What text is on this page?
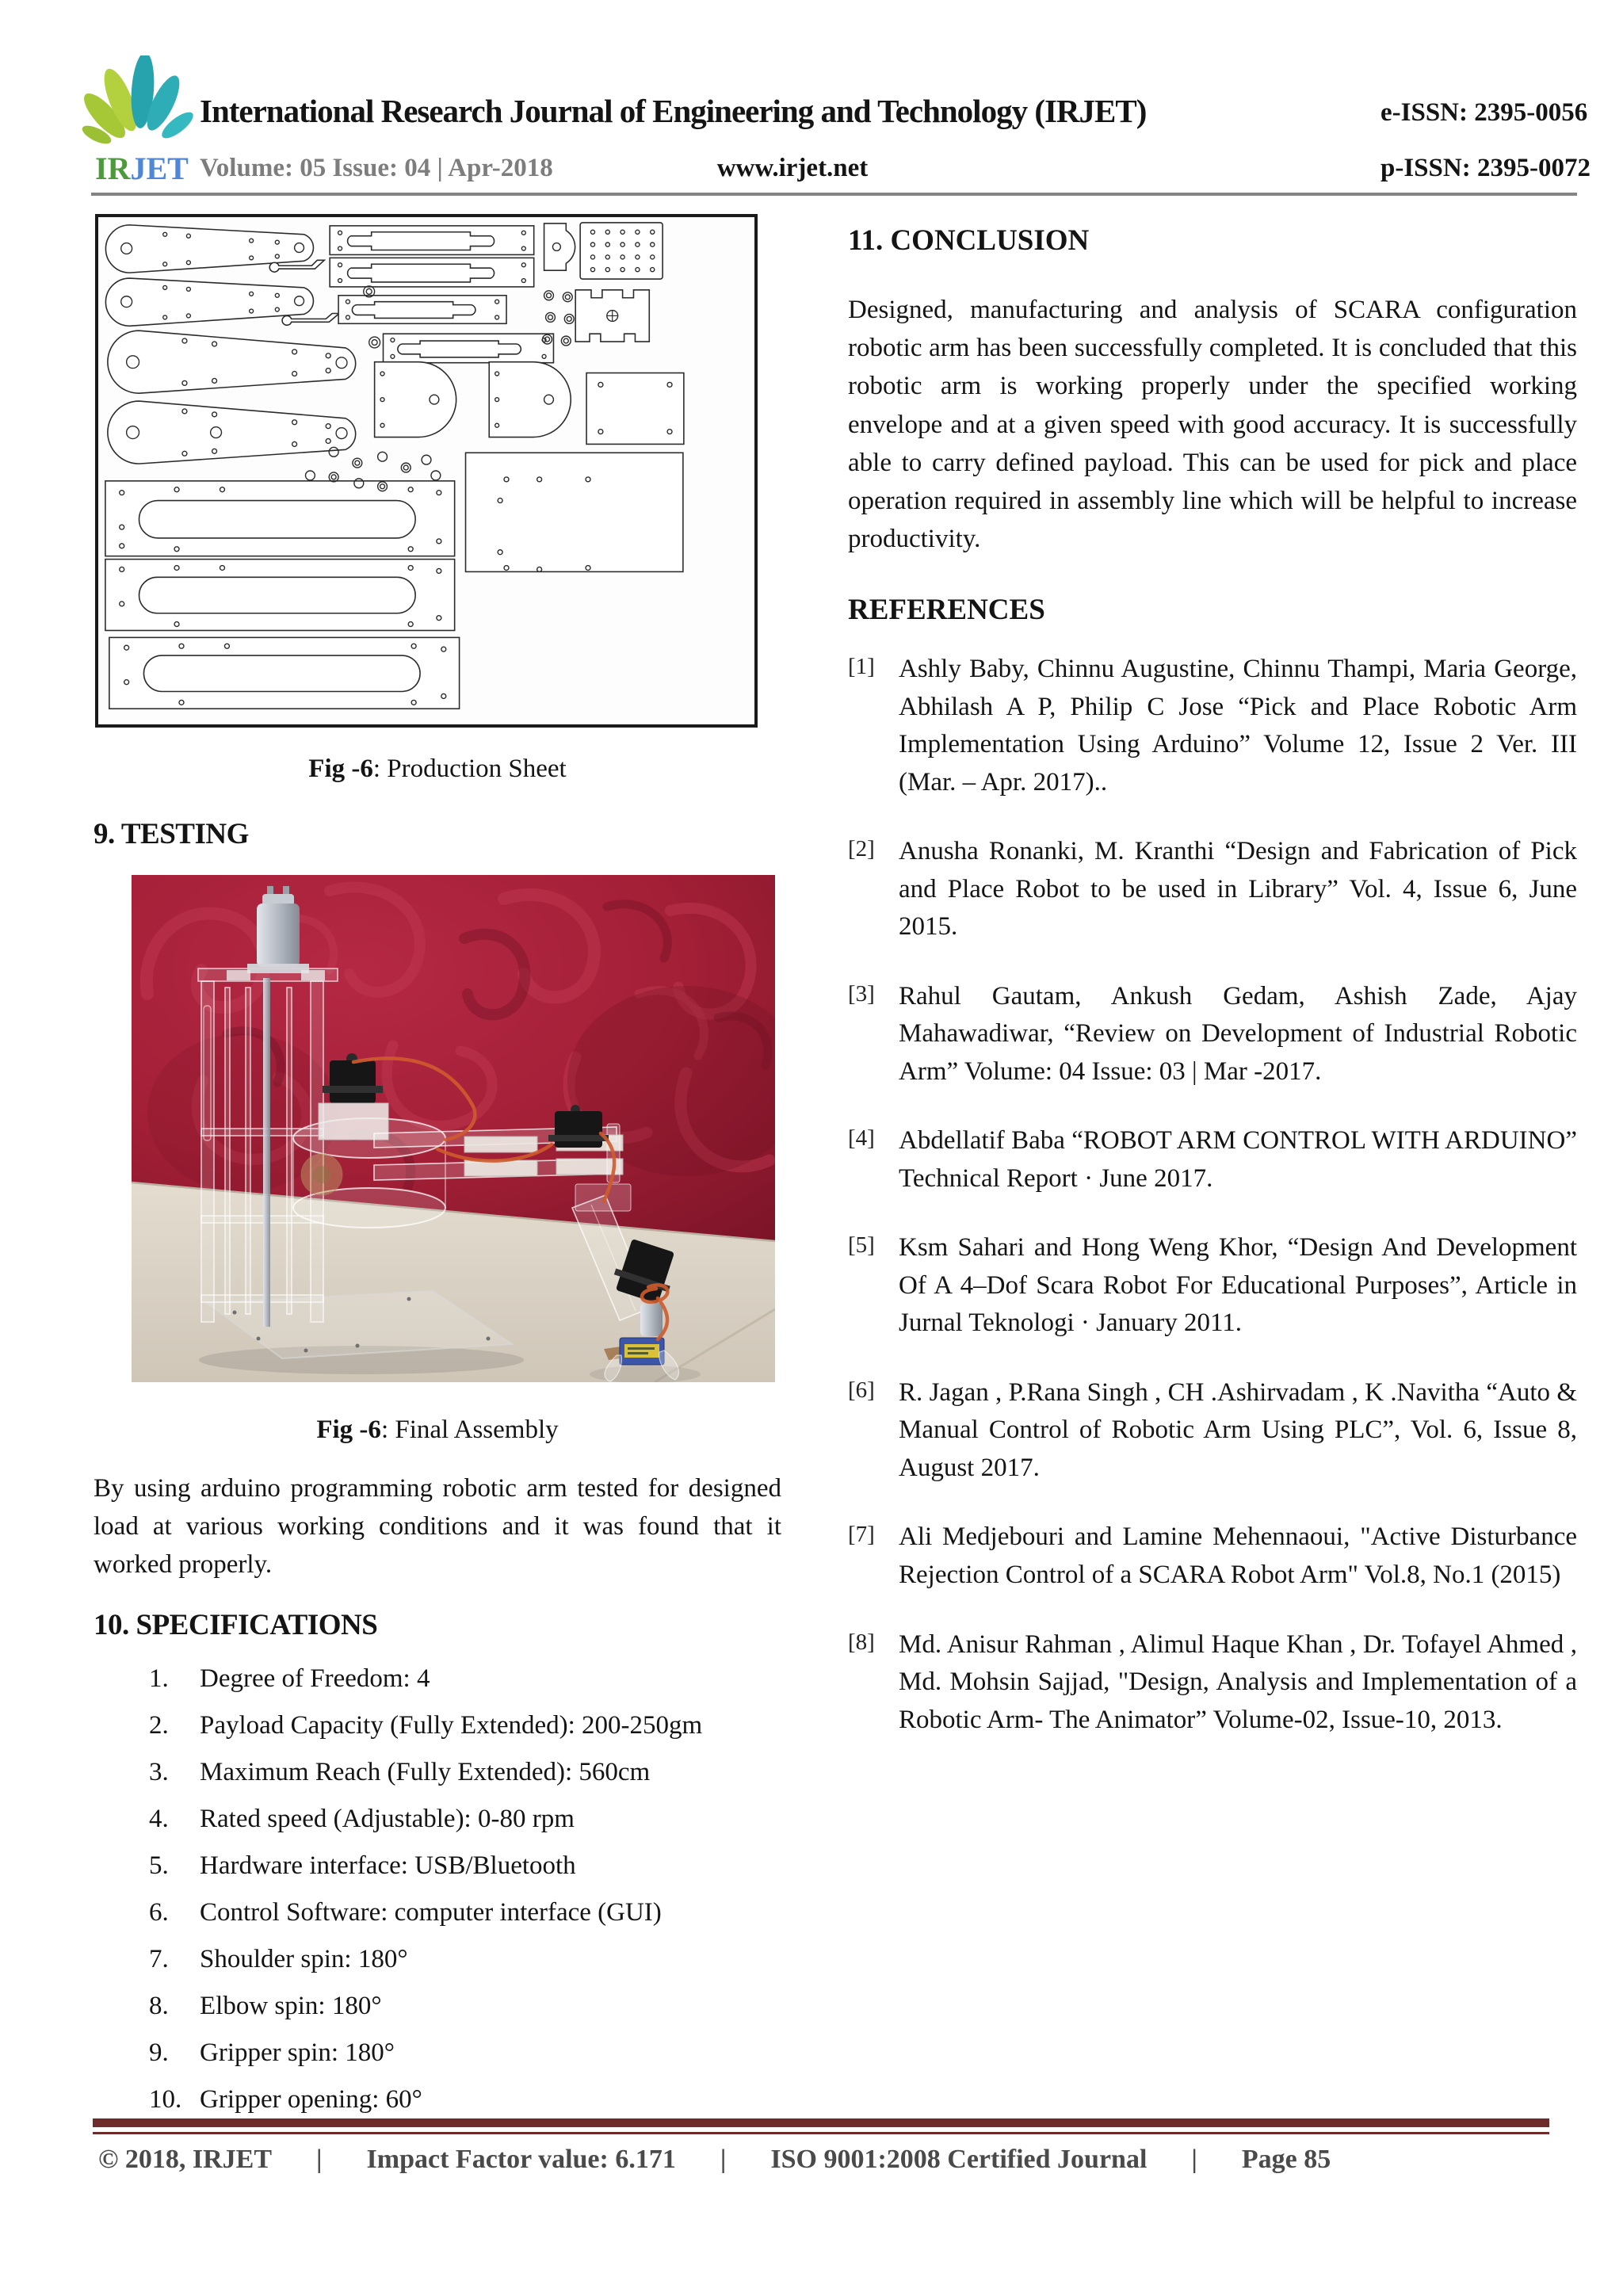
IRJET
International Research Journal of Engineering and Technology (IRJET)	e-ISSN: 2395-0056
Volume: 05 Issue: 04 | Apr-2018	www.irjet.net	p-ISSN: 2395-0072
Fig -6: Production Sheet
9. TESTING
Fig -6: Final Assembly
By using arduino programming robotic arm tested for designed load at various working conditions and it was found that it worked properly.
10. SPECIFICATIONS
1.	Degree of Freedom: 4
2.	Payload Capacity (Fully Extended): 200-250gm
3.	Maximum Reach (Fully Extended): 560cm
4.	Rated speed (Adjustable): 0-80 rpm
5.	Hardware interface: USB/Bluetooth
6.	Control Software: computer interface (GUI)
7.	Shoulder spin: 180°
8.	Elbow spin: 180°
9.	Gripper spin: 180°
10. Gripper opening: 60°
11. CONCLUSION
Designed, manufacturing and analysis of SCARA configuration robotic arm has been successfully completed. It is concluded that this robotic arm is working properly under the specified working envelope and at a given speed with good accuracy. It is successfully able to carry defined payload. This can be used for pick and place operation required in assembly line which will be helpful to increase productivity.
REFERENCES
[1] Ashly Baby, Chinnu Augustine, Chinnu Thampi, Maria George, Abhilash A P, Philip C Jose “Pick and Place Robotic Arm Implementation Using Arduino” Volume 12, Issue 2 Ver. III (Mar. – Apr. 2017)..
[2] Anusha Ronanki, M. Kranthi “Design and Fabrication of Pick and Place Robot to be used in Library” Vol. 4, Issue 6, June 2015.
[3] Rahul Gautam, Ankush Gedam, Ashish Zade, Ajay Mahawadiwar, “Review on Development of Industrial Robotic Arm” Volume: 04 Issue: 03 | Mar -2017.
[4] Abdellatif Baba “ROBOT ARM CONTROL WITH ARDUINO” Technical Report · June 2017.
[5] Ksm Sahari and Hong Weng Khor, “Design And Development Of A 4–Dof Scara Robot For Educational Purposes”, Article in Jurnal Teknologi · January 2011.
[6] R. Jagan , P.Rana Singh , CH .Ashirvadam , K .Navitha “Auto & Manual Control of Robotic Arm Using PLC”, Vol. 6, Issue 8, August 2017.
[7] Ali Medjebouri and Lamine Mehennaoui, "Active Disturbance Rejection Control of a SCARA Robot Arm" Vol.8, No.1 (2015)
[8] Md. Anisur Rahman , Alimul Haque Khan , Dr. Tofayel Ahmed , Md. Mohsin Sajjad, "Design, Analysis and Implementation of a Robotic Arm- The Animator” Volume-02, Issue-10, 2013.
© 2018, IRJET | Impact Factor value: 6.171 | ISO 9001:2008 Certified Journal | Page 85
